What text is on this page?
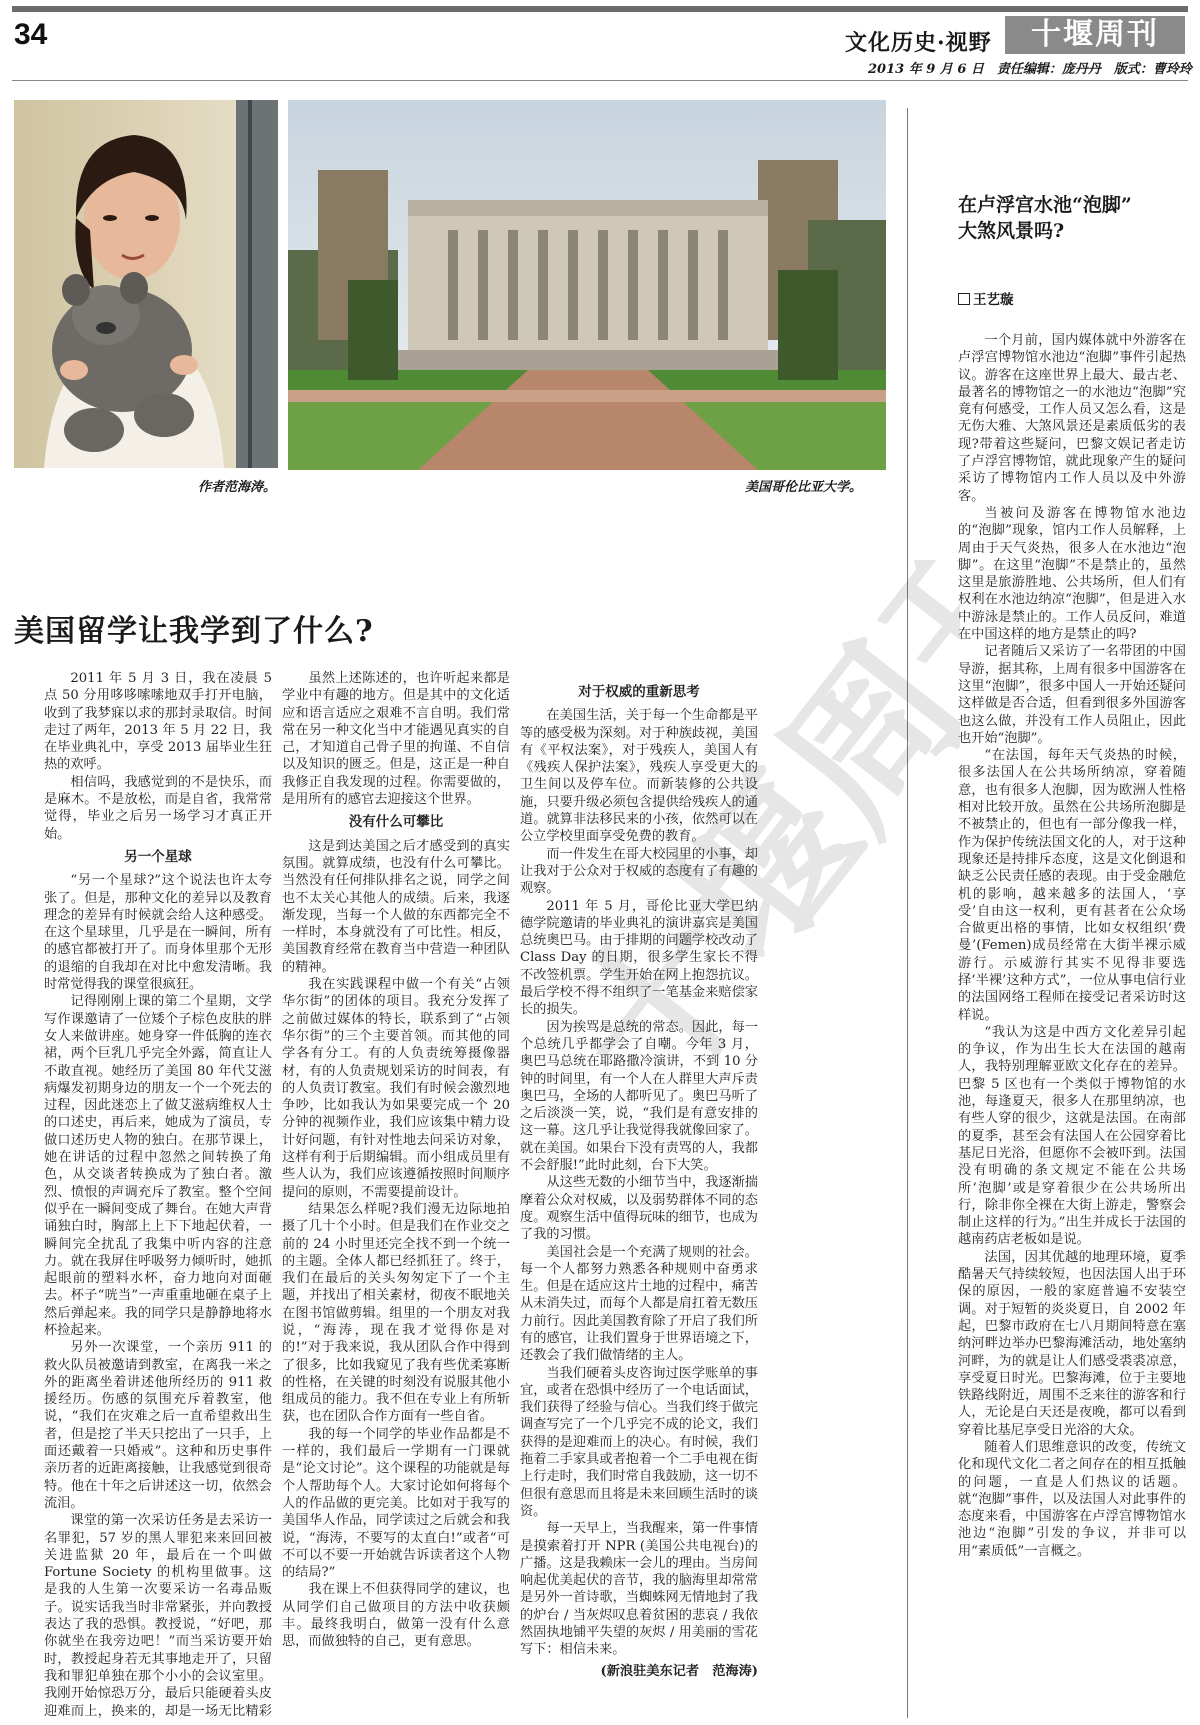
34	文化历史·视野	十堰周刊
2013 年 9 月 6 日　责任编辑：庞丹丹　版式：曹玲玲
作者范海涛。	美国哥伦比亚大学。
美国留学让我学到了什么?

2011 年 5 月 3 日，我在凌晨 5 点 50 分用哆哆嗦嗦地双手打开电脑，收到了我梦寐以求的那封录取信。时间走过了两年，2013 年 5 月 22 日，我在毕业典礼中，享受 2013 届毕业生狂热的欢呼。

相信吗，我感觉到的不是快乐，而是麻木。不是放松，而是自省，我常常觉得，毕业之后另一场学习才真正开始。

另一个星球

“另一个星球?”这个说法也许太夸张了。但是，那种文化的差异以及教育理念的差异有时候就会给人这种感受。在这个星球里，几乎是在一瞬间，所有的感官都被打开了。而身体里那个无形的退缩的自我却在对比中愈发清晰。我时常觉得我的课堂很疯狂。

记得刚刚上课的第二个星期，文学写作课邀请了一位矮个子棕色皮肤的胖女人来做讲座。她身穿一件低胸的连衣裙，两个巨乳几乎完全外露，简直让人不敢直视。她经历了美国 80 年代艾滋病爆发初期身边的朋友一个一个死去的过程，因此迷恋上了做艾滋病维权人士的口述史，再后来，她成为了演员，专做口述历史人物的独白。在那节课上，她在讲话的过程中忽然之间转换了角色，从交谈者转换成为了独白者。激烈、愤恨的声调充斥了教室。整个空间似乎在一瞬间变成了舞台。在她大声背诵独白时，胸部上上下下地起伏着，一瞬间完全扰乱了我集中听内容的注意力。就在我屏住呼吸努力倾听时，她抓起眼前的塑料水杯，奋力地向对面砸去。杯子“咣当”一声重重地砸在桌子上然后弹起来。我的同学只是静静地将水杯捡起来。

另外一次课堂，一个亲历 911 的救火队员被邀请到教室，在离我一米之外的距离坐着讲述他所经历的 911 救援经历。伤感的氛围充斥着教室，他说，“我们在灾难之后一直希望救出生者，但是挖了半天只挖出了一只手，上面还戴着一只婚戒”。这种和历史事件亲历者的近距离接触，让我感觉到很奇特。他在十年之后讲述这一切，依然会流泪。

课堂的第一次采访任务是去采访一名罪犯，57 岁的黑人罪犯来来回回被关进监狱 20 年，最后在一个叫做 Fortune Society 的机构里做事。这是我的人生第一次要采访一名毒品贩子。说实话我当时非常紧张，并向教授表达了我的恐惧。教授说，“好吧，那你就坐在我旁边吧！”而当采访要开始时，教授起身若无其事地走开了，只留我和罪犯单独在那个小小的会议室里。我刚开始惊恐万分，最后只能硬着头皮迎难而上，换来的，却是一场无比精彩

虽然上述陈述的，也许听起来都是学业中有趣的地方。但是其中的文化适应和语言适应之艰难不言自明。我们常常在另一种文化当中才能遇见真实的自己，才知道自己骨子里的拘谨、不自信以及知识的匮乏。但是，这正是一种自我修正自我发现的过程。你需要做的，是用所有的感官去迎接这个世界。

没有什么可攀比

这是到达美国之后才感受到的真实氛围。就算成绩，也没有什么可攀比。当然没有任何排队排名之说，同学之间也不太关心其他人的成绩。后来，我逐渐发现，当每一个人做的东西都完全不一样时，本身就没有了可比性。相反，美国教育经常在教育当中营造一种团队的精神。

我在实践课程中做一个有关“占领华尔街”的团体的项目。我充分发挥了之前做过媒体的特长，联系到了“占领华尔街”的三个主要首领。而其他的同学各有分工。有的人负责统筹摄像器材，有的人负责规划采访的时间表，有的人负责订教室。我们有时候会激烈地争吵，比如我认为如果要完成一个 20 分钟的视频作业，我们应该集中精力设计好问题，有针对性地去问采访对象，这样有利于后期编辑。而小组成员里有些人认为，我们应该遵循按照时间顺序提问的原则，不需要提前设计。

结果怎么样呢?我们漫无边际地拍摄了几十个小时。但是我们在作业交之前的 24 小时里还完全找不到一个统一的主题。全体人都已经抓狂了。终于，我们在最后的关头匆匆定下了一个主题，并找出了相关素材，彻夜不眠地关在图书馆做剪辑。组里的一个朋友对我说，“海涛，现在我才觉得你是对的!”对于我来说，我从团队合作中得到了很多，比如我窥见了我有些优柔寡断的性格，在关键的时刻没有说服其他小组成员的能力。我不但在专业上有所斩获，也在团队合作方面有一些自省。

我的每一个同学的毕业作品都是不一样的，我们最后一学期有一门课就是“论文讨论”。这个课程的功能就是每个人帮助每个人。大家讨论如何将每个人的作品做的更完美。比如对于我写的美国华人作品，同学读过之后就会和我说，“海涛，不要写的太直白!”或者“可不可以不要一开始就告诉读者这个人物的结局?”

我在课上不但获得同学的建议，也从同学们自己做项目的方法中收获颇丰。最终我明白，做第一没有什么意思，而做独特的自己，更有意思。

对于权威的重新思考

在美国生活，关于每一个生命都是平等的感受极为深刻。对于种族歧视，美国有《平权法案》，对于残疾人，美国人有《残疾人保护法案》，残疾人享受更大的卫生间以及停车位。而新装修的公共设施，只要升级必须包含提供给残疾人的通道。就算非法移民来的小孩，依然可以在公立学校里面享受免费的教育。

而一件发生在哥大校园里的小事，却让我对于公众对于权威的态度有了有趣的观察。

2011 年 5 月，哥伦比亚大学巴纳德学院邀请的毕业典礼的演讲嘉宾是美国总统奥巴马。由于排期的问题学校改动了 Class Day 的日期，很多学生家长不得不改签机票。学生开始在网上抱怨抗议。最后学校不得不组织了一笔基金来赔偿家长的损失。

因为挨骂是总统的常态。因此，每一个总统几乎都学会了自嘲。今年 3 月，奥巴马总统在耶路撒冷演讲，不到 10 分钟的时间里，有一个人在人群里大声斥责奥巴马，全场的人都听见了。奥巴马听了之后淡淡一笑，说，“我们是有意安排的这一幕。这几乎让我觉得我就像回家了。就在美国。如果台下没有责骂的人，我都不会舒服!”此时此刻，台下大笑。

从这些无数的小细节当中，我逐渐揣摩着公众对权威，以及弱势群体不同的态度。观察生活中值得玩味的细节，也成为了我的习惯。

美国社会是一个充满了规则的社会。每一个人都努力熟悉各种规则中奋勇求生。但是在适应这片土地的过程中，痛苦从未消失过，而每个人都是肩扛着无数压力前行。因此美国教育除了开启了我们所有的感官，让我们置身于世界语境之下，还教会了我们做情绪的主人。

当我们硬着头皮咨询过医学账单的事宜，或者在恐惧中经历了一个电话面试，我们获得了经验与信心。当我们终于做完调查写完了一个几乎完不成的论文，我们获得的是迎难而上的决心。有时候，我们拖着二手家具或者抱着一个二手电视在街上行走时，我们时常自我鼓励，这一切不但很有意思而且将是未来回顾生活时的谈资。

每一天早上，当我醒来，第一件事情是摸索着打开 NPR (美国公共电视台)的广播。这是我赖床一会儿的理由。当房间响起优美起伏的音节，我的脑海里却常常是另外一首诗歌，当蜘蛛网无情地封了我的炉台 / 当灰烬叹息着贫困的悲哀 / 我依然固执地铺平失望的灰烬 / 用美丽的雪花写下：相信未来。

(新浪驻美东记者　范海涛)

十堰周刊
在卢浮宫水池“泡脚”
大煞风景吗?
王艺璇

一个月前，国内媒体就中外游客在卢浮宫博物馆水池边“泡脚”事件引起热议。游客在这座世界上最大、最古老、最著名的博物馆之一的水池边“泡脚”究竟有何感受，工作人员又怎么看，这是无伤大雅、大煞风景还是素质低劣的表现?带着这些疑问，巴黎文娱记者走访了卢浮宫博物馆，就此现象产生的疑问采访了博物馆内工作人员以及中外游客。

当被问及游客在博物馆水池边的“泡脚”现象，馆内工作人员解释，上周由于天气炎热，很多人在水池边“泡脚”。在这里“泡脚”不是禁止的，虽然这里是旅游胜地、公共场所，但人们有权利在水池边纳凉“泡脚”，但是进入水中游泳是禁止的。工作人员反问，难道在中国这样的地方是禁止的吗?

记者随后又采访了一名带团的中国导游，据其称，上周有很多中国游客在这里“泡脚”，很多中国人一开始还疑问这样做是否合适，但看到很多外国游客也这么做，并没有工作人员阻止，因此也开始“泡脚”。

“在法国，每年天气炎热的时候，很多法国人在公共场所纳凉，穿着随意，也有很多人泡脚，因为欧洲人性格相对比较开放。虽然在公共场所泡脚是不被禁止的，但也有一部分像我一样，作为保护传统法国文化的人，对于这种现象还是持排斥态度，这是文化倒退和缺乏公民责任感的表现。由于受金融危机的影响，越来越多的法国人，‘享受’自由这一权利，更有甚者在公众场合做更出格的事情，比如女权组织‘费曼’(Femen)成员经常在大街半裸示威游行。示威游行其实不见得非要选择‘半裸’这种方式”，一位从事电信行业的法国网络工程师在接受记者采访时这样说。

“我认为这是中西方文化差异引起的争议，作为出生长大在法国的越南人，我特别理解亚欧文化存在的差异。巴黎 5 区也有一个类似于博物馆的水池，每逢夏天，很多人在那里纳凉，也有些人穿的很少，这就是法国。在南部的夏季，甚至会有法国人在公园穿着比基尼日光浴，但愿你不会被吓到。法国没有明确的条文规定不能在公共场所‘泡脚’或是穿着很少在公共场所出行，除非你全裸在大街上游走，警察会制止这样的行为。”出生并成长于法国的越南药店老板如是说。

法国，因其优越的地理环境，夏季酷暑天气持续较短，也因法国人出于环保的原因，一般的家庭普遍不安装空调。对于短暂的炎炎夏日，自 2002 年起，巴黎市政府在七八月期间特意在塞纳河畔边举办巴黎海滩活动，地处塞纳河畔，为的就是让人们感受裘裘凉意，享受夏日时光。巴黎海滩，位于主要地铁路线附近，周围不乏来往的游客和行人，无论是白天还是夜晚，都可以看到穿着比基尼享受日光浴的大众。

随着人们思维意识的改变，传统文化和现代文化二者之间存在的相互抵触的问题，一直是人们热议的话题。就“泡脚”事件，以及法国人对此事件的态度来看，中国游客在卢浮宫博物馆水池边“泡脚”引发的争议，并非可以用“素质低”一言概之。
